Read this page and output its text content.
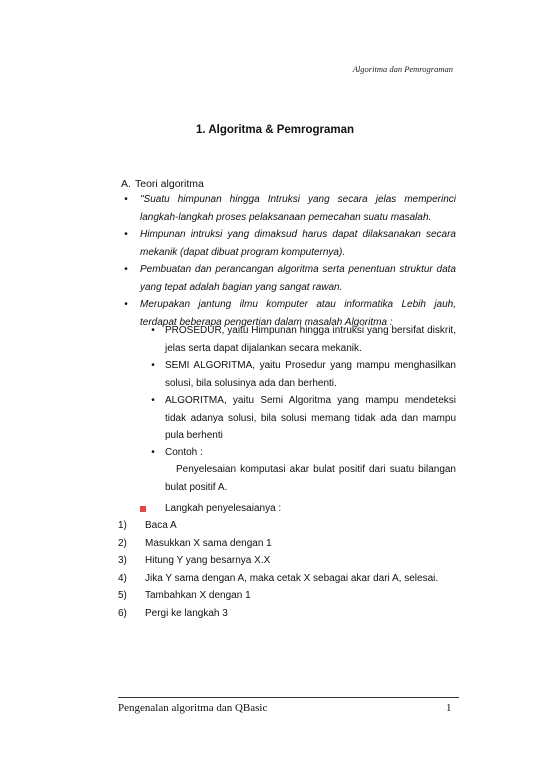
Algoritma dan Pemrograman
1. Algoritma & Pemrograman
A. Teori algoritma
•	"Suatu himpunan hingga Intruksi yang secara jelas memperinci langkah-langkah proses pelaksanaan pemecahan suatu masalah.
•	Himpunan intruksi yang dimaksud harus dapat dilaksanakan secara mekanik (dapat dibuat program komputernya).
•	Pembuatan dan perancangan algoritma serta penentuan struktur data yang tepat adalah bagian yang sangat rawan.
•	Merupakan jantung ilmu komputer atau informatika Lebih jauh, terdapat beberapa pengertian dalam masalah Algoritma :
•	PROSEDUR, yaitu Himpunan hingga intruksi yang bersifat diskrit, jelas serta dapat dijalankan secara mekanik.
•	SEMI ALGORITMA, yaitu Prosedur yang mampu menghasilkan solusi, bila solusinya ada dan berhenti.
•	ALGORITMA, yaitu Semi Algoritma yang mampu mendeteksi tidak adanya solusi, bila solusi memang tidak ada dan mampu pula berhenti
•	Contoh :
Penyelesaian komputasi akar bulat positif dari suatu bilangan bulat positif A.
Langkah penyelesaianya :
1) Baca A
2) Masukkan X sama dengan 1
3) Hitung Y yang besarnya X.X
4) Jika Y sama dengan A, maka cetak X sebagai akar dari A, selesai.
5) Tambahkan X dengan 1
6) Pergi ke langkah 3
Pengenalan algoritma dan QBasic	1
